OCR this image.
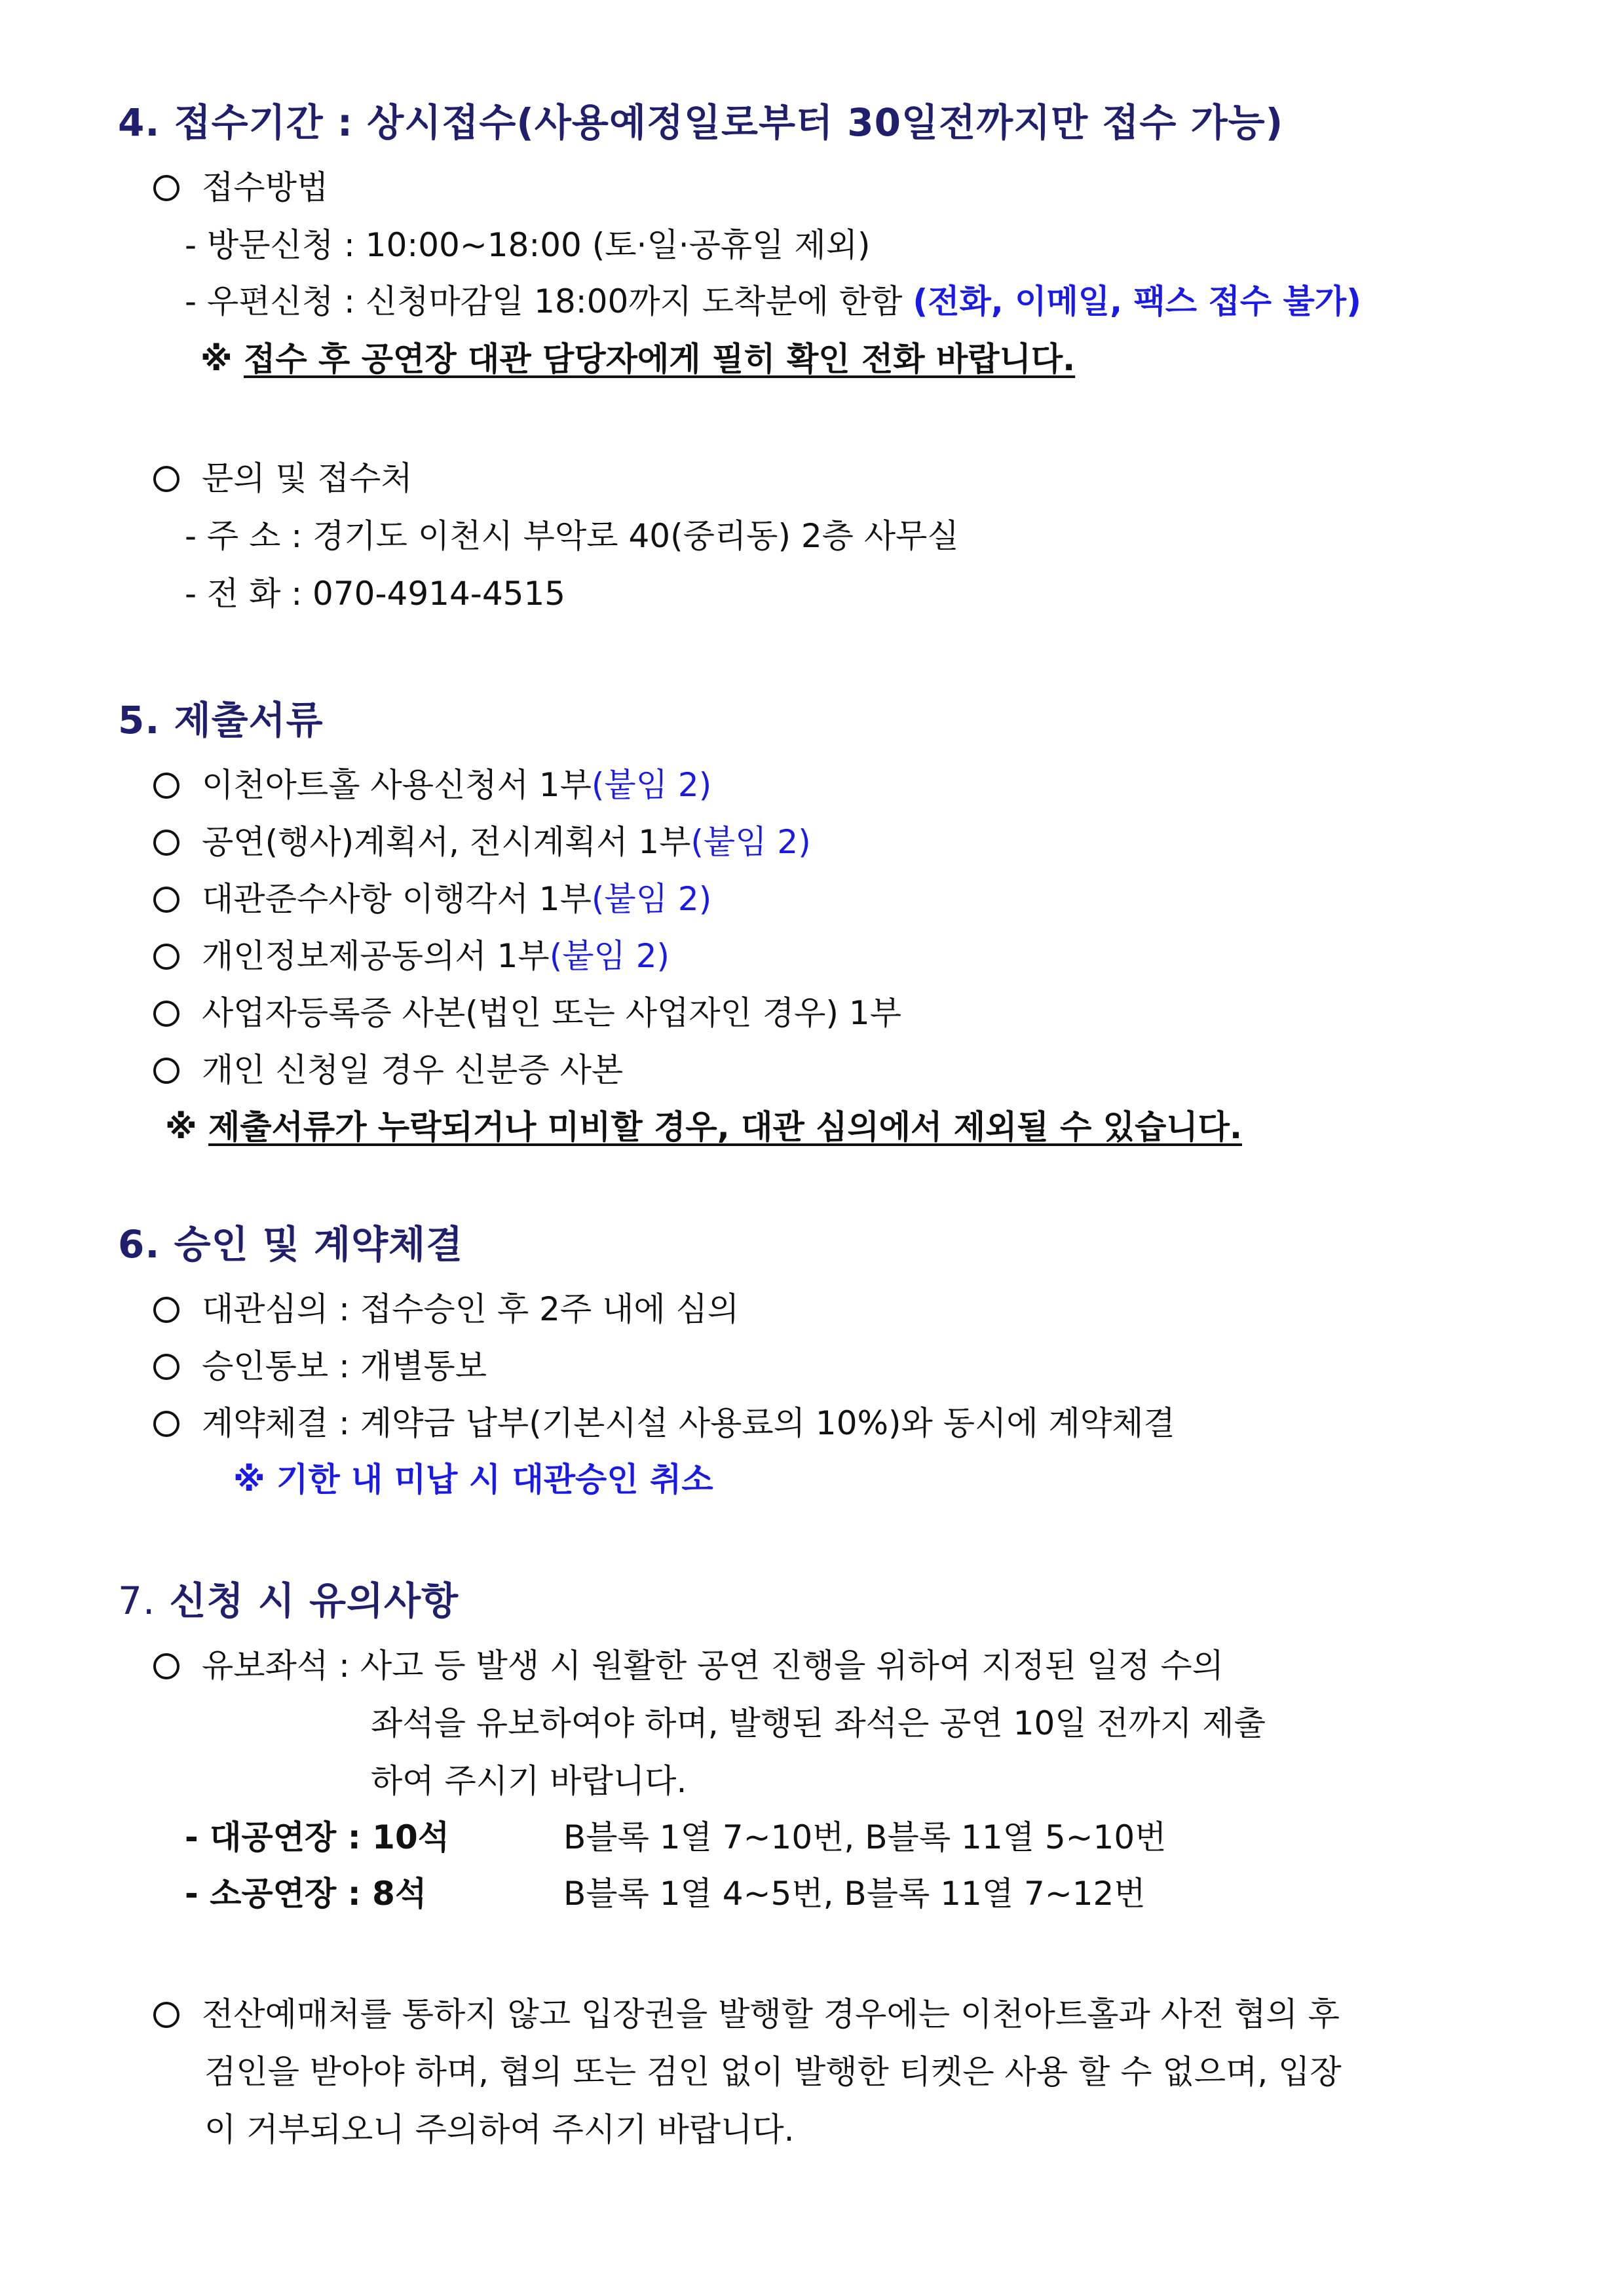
4. 접수기간 : 상시접수(사용예정일로부터 30일전까지만 접수 가능)
접수방법
- 방문신청 : 10:00~18:00 (토·일·공휴일 제외)
- 우편신청 : 신청마감일 18:00까지 도착분에 한함 (전화, 이메일, 팩스 접수 불가)
※ 접수 후 공연장 대관 담당자에게 필히 확인 전화 바랍니다.
문의 및 접수처
- 주 소 : 경기도 이천시 부악로 40(중리동) 2층 사무실
- 전 화 : 070-4914-4515
5. 제출서류
이천아트홀 사용신청서 1부(붙임 2)
공연(행사)계획서, 전시계획서 1부(붙임 2)
대관준수사항 이행각서 1부(붙임 2)
개인정보제공동의서 1부(붙임 2)
사업자등록증 사본(법인 또는 사업자인 경우) 1부
개인 신청일 경우 신분증 사본
※ 제출서류가 누락되거나 미비할 경우, 대관 심의에서 제외될 수 있습니다.
6. 승인 및 계약체결
대관심의 : 접수승인 후 2주 내에 심의
승인통보 : 개별통보
계약체결 : 계약금 납부(기본시설 사용료의 10%)와 동시에 계약체결
※ 기한 내 미납 시 대관승인 취소
7. 신청 시 유의사항
유보좌석 : 사고 등 발생 시 원활한 공연 진행을 위하여 지정된 일정 수의
좌석을 유보하여야 하며, 발행된 좌석은 공연 10일 전까지 제출
하여 주시기 바랍니다.
- 대공연장 : 10석	B블록 1열 7~10번, B블록 11열 5~10번
- 소공연장 : 8석	B블록 1열 4~5번, B블록 11열 7~12번
전산예매처를 통하지 않고 입장권을 발행할 경우에는 이천아트홀과 사전 협의 후
검인을 받아야 하며, 협의 또는 검인 없이 발행한 티켓은 사용 할 수 없으며, 입장
이 거부되오니 주의하여 주시기 바랍니다.
